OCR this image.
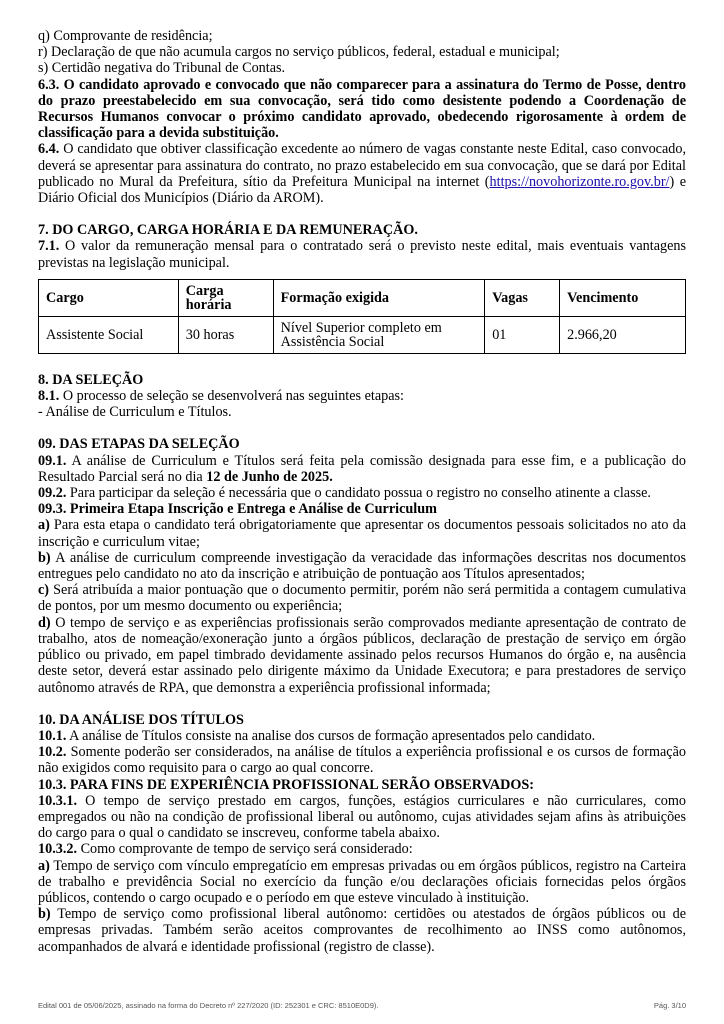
q) Comprovante de residência;

r) Declaração de que não acumula cargos no serviço públicos, federal, estadual e municipal;

s) Certidão negativa do Tribunal de Contas.

6.3. O candidato aprovado e convocado que não comparecer para a assinatura do Termo de Posse, dentro do prazo preestabelecido em sua convocação, será tido como desistente podendo a Coordenação de Recursos Humanos convocar o próximo candidato aprovado, obedecendo rigorosamente à ordem de classificação para a devida substituição.

6.4. O candidato que obtiver classificação excedente ao número de vagas constante neste Edital, caso convocado, deverá se apresentar para assinatura do contrato, no prazo estabelecido em sua convocação, que se dará por Edital publicado no Mural da Prefeitura, sítio da Prefeitura Municipal na internet (https://novohorizonte.ro.gov.br/) e Diário Oficial dos Municípios (Diário da AROM).

7. DO CARGO, CARGA HORÁRIA E DA REMUNERAÇÃO.

7.1. O valor da remuneração mensal para o contratado será o previsto neste edital, mais eventuais vantagens previstas na legislação municipal.

Cargo	Carga horária	Formação exigida	Vagas	Vencimento
Assistente Social	30 horas	Nível Superior completo em Assistência Social	01	2.966,20

8. DA SELEÇÃO

8.1. O processo de seleção se desenvolverá nas seguintes etapas:

- Análise de Curriculum e Títulos.

09. DAS ETAPAS DA SELEÇÃO

09.1. A análise de Curriculum e Títulos será feita pela comissão designada para esse fim, e a publicação do Resultado Parcial será no dia 12 de Junho de 2025.

09.2. Para participar da seleção é necessária que o candidato possua o registro no conselho atinente a classe.

09.3. Primeira Etapa Inscrição e Entrega e Análise de Curriculum

a) Para esta etapa o candidato terá obrigatoriamente que apresentar os documentos pessoais solicitados no ato da inscrição e curriculum vitae;

b) A análise de curriculum compreende investigação da veracidade das informações descritas nos documentos entregues pelo candidato no ato da inscrição e atribuição de pontuação aos Títulos apresentados;

c) Será atribuída a maior pontuação que o documento permitir, porém não será permitida a contagem cumulativa de pontos, por um mesmo documento ou experiência;

d) O tempo de serviço e as experiências profissionais serão comprovados mediante apresentação de contrato de trabalho, atos de nomeação/exoneração junto a órgãos públicos, declaração de prestação de serviço em órgão público ou privado, em papel timbrado devidamente assinado pelos recursos Humanos do órgão e, na ausência deste setor, deverá estar assinado pelo dirigente máximo da Unidade Executora; e para prestadores de serviço autônomo através de RPA, que demonstra a experiência profissional informada;

10. DA ANÁLISE DOS TÍTULOS

10.1. A análise de Títulos consiste na analise dos cursos de formação apresentados pelo candidato.

10.2. Somente poderão ser considerados, na análise de títulos a experiência profissional e os cursos de formação não exigidos como requisito para o cargo ao qual concorre.

10.3. PARA FINS DE EXPERIÊNCIA PROFISSIONAL SERÃO OBSERVADOS:

10.3.1. O tempo de serviço prestado em cargos, funções, estágios curriculares e não curriculares, como empregados ou não na condição de profissional liberal ou autônomo, cujas atividades sejam afins às atribuições do cargo para o qual o candidato se inscreveu, conforme tabela abaixo.

10.3.2. Como comprovante de tempo de serviço será considerado:

a) Tempo de serviço com vínculo empregatício em empresas privadas ou em órgãos públicos, registro na Carteira de trabalho e previdência Social no exercício da função e/ou declarações oficiais fornecidas pelos órgãos públicos, contendo o cargo ocupado e o período em que esteve vinculado à instituição.

b) Tempo de serviço como profissional liberal autônomo: certidões ou atestados de órgãos públicos ou de empresas privadas. Também serão aceitos comprovantes de recolhimento ao INSS como autônomos, acompanhados de alvará e identidade profissional (registro de classe).

Edital 001 de 05/06/2025, assinado na forma do Decreto nº 227/2020 (ID: 252301 e CRC: 8510E0D9).	Pág. 3/10
